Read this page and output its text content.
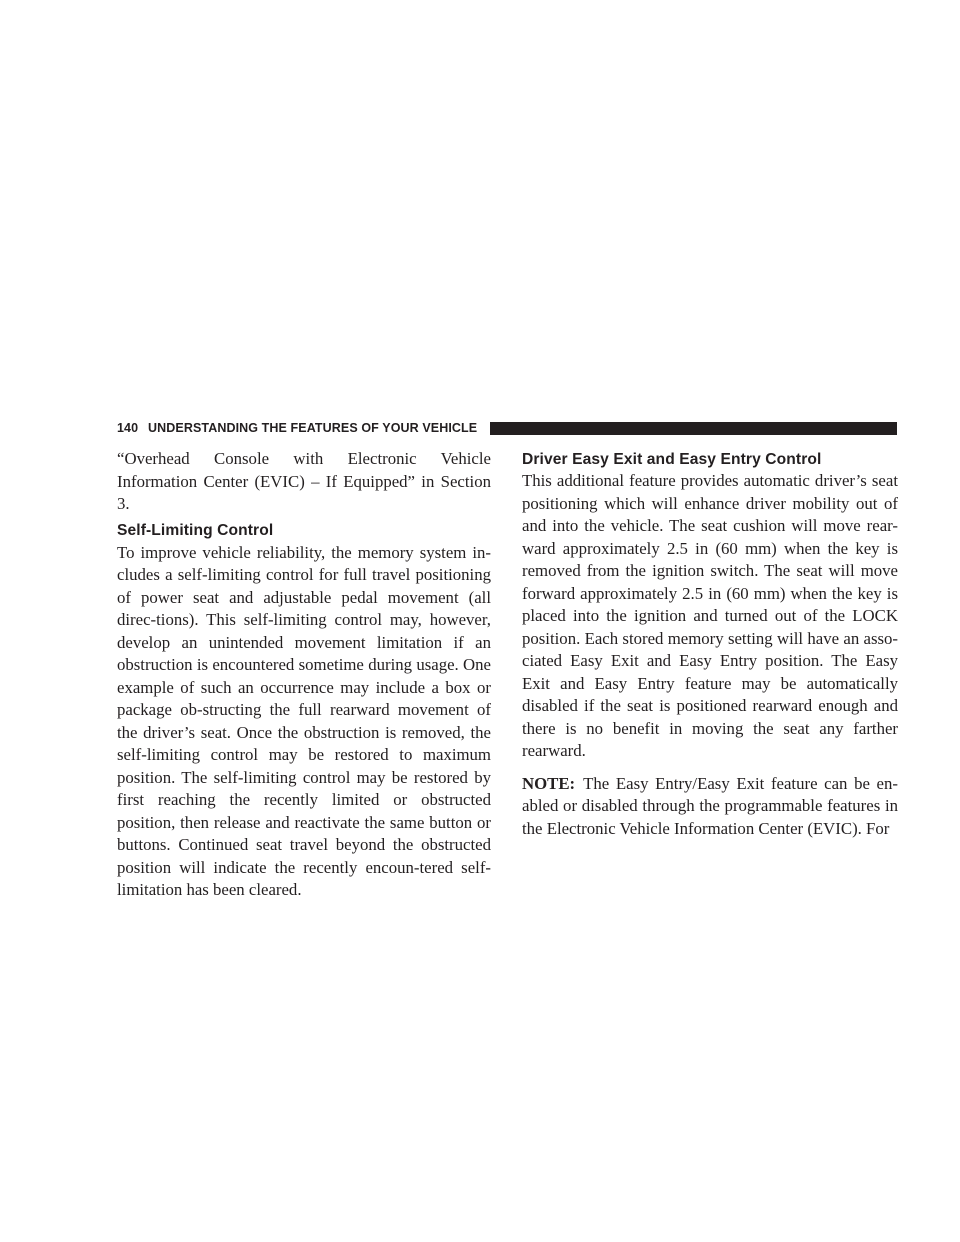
140 UNDERSTANDING THE FEATURES OF YOUR VEHICLE

“Overhead Console with Electronic Vehicle Information Center (EVIC) – If Equipped” in Section 3.

Self-Limiting Control

To improve vehicle reliability, the memory system in-cludes a self-limiting control for full travel positioning of power seat and adjustable pedal movement (all direc-tions). This self-limiting control may, however, develop an unintended movement limitation if an obstruction is encountered sometime during usage. One example of such an occurrence may include a box or package ob-structing the full rearward movement of the driver’s seat. Once the obstruction is removed, the self-limiting control may be restored to maximum position. The self-limiting control may be restored by first reaching the recently limited or obstructed position, then release and reactivate the same button or buttons. Continued seat travel beyond the obstructed position will indicate the recently encoun-tered self-limitation has been cleared.

Driver Easy Exit and Easy Entry Control

This additional feature provides automatic driver’s seat positioning which will enhance driver mobility out of and into the vehicle. The seat cushion will move rear-ward approximately 2.5 in (60 mm) when the key is removed from the ignition switch. The seat will move forward approximately 2.5 in (60 mm) when the key is placed into the ignition and turned out of the LOCK position. Each stored memory setting will have an asso-ciated Easy Exit and Easy Entry position. The Easy Exit and Easy Entry feature may be automatically disabled if the seat is positioned rearward enough and there is no benefit in moving the seat any farther rearward.

NOTE: The Easy Entry/Easy Exit feature can be en-abled or disabled through the programmable features in the Electronic Vehicle Information Center (EVIC). For
